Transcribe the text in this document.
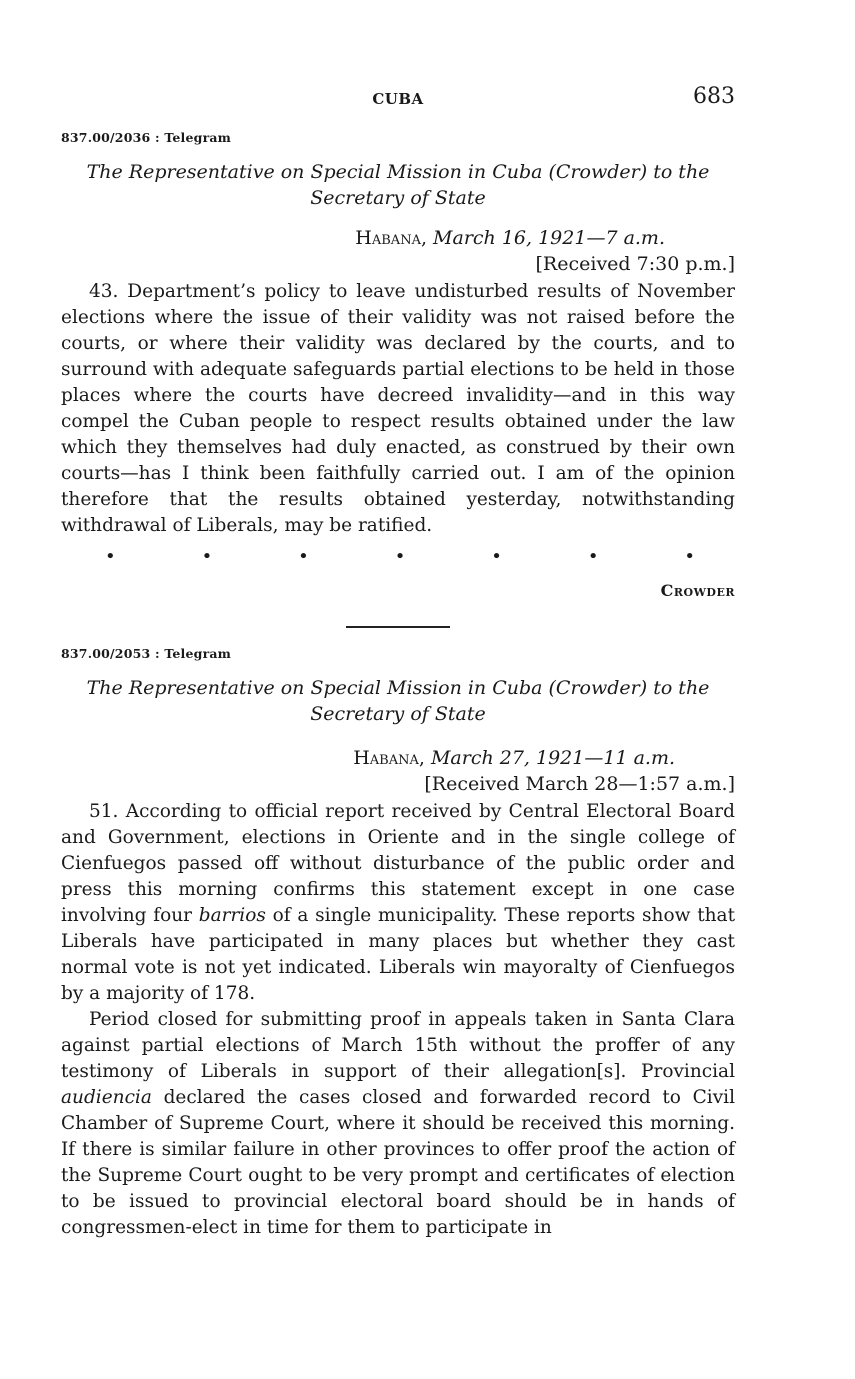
CUBA	683
837.00/2036 : Telegram
The Representative on Special Mission in Cuba (Crowder) to the
Secretary of State
Habana, March 16, 1921—7 a.m.
[Received 7:30 p.m.]

43. Department’s policy to leave undisturbed results of November elections where the issue of their validity was not raised before the courts, or where their validity was declared by the courts, and to surround with adequate safeguards partial elections to be held in those places where the courts have decreed invalidity—and in this way compel the Cuban people to respect results obtained under the law which they themselves had duly enacted, as construed by their own courts—has I think been faithfully carried out. I am of the opinion therefore that the results obtained yesterday, notwithstanding withdrawal of Liberals, may be ratified.

•	•	•	•	•	•	•
Crowder
837.00/2053 : Telegram
The Representative on Special Mission in Cuba (Crowder) to the
Secretary of State
Habana, March 27, 1921—11 a.m.
[Received March 28—1:57 a.m.]

51. According to official report received by Central Electoral Board and Government, elections in Oriente and in the single college of Cienfuegos passed off without disturbance of the public order and press this morning confirms this statement except in one case involving four barrios of a single municipality. These reports show that Liberals have participated in many places but whether they cast normal vote is not yet indicated. Liberals win mayoralty of Cienfuegos by a majority of 178.

Period closed for submitting proof in appeals taken in Santa Clara against partial elections of March 15th without the proffer of any testimony of Liberals in support of their allegation[s]. Provincial audiencia declared the cases closed and forwarded record to Civil Chamber of Supreme Court, where it should be received this morning. If there is similar failure in other provinces to offer proof the action of the Supreme Court ought to be very prompt and certificates of election to be issued to provincial electoral board should be in hands of congressmen-elect in time for them to participate in
